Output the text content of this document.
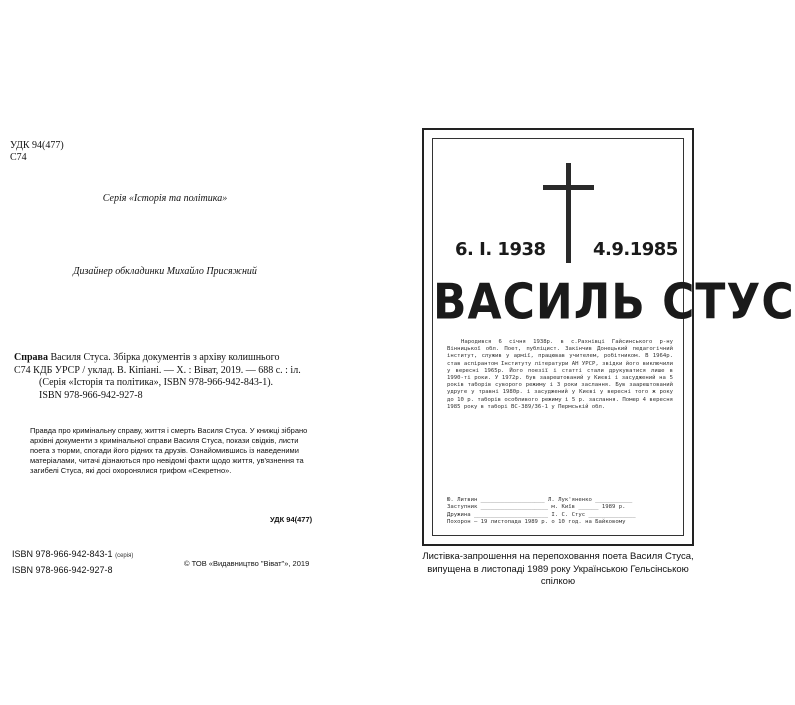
УДК 94(477)
С74
Серія «Історія та політика»
Дизайнер обкладинки Михайло Присяжний

Справа Василя Стуса. Збірка документів з архіву колишнього

С74 КДБ УРСР / уклад. В. Кіпіані. — Х. : Віват, 2019. — 688 с. : іл.

(Серія «Історія та політика», ISBN 978-966-942-843-1).

ISBN 978-966-942-927-8

Правда про кримінальну справу, життя і смерть Василя Стуса. У книжці зібрано архівні документи з кримінальної справи Василя Стуса, покази свідків, листи поета з тюрми, спогади його рідних та друзів. Ознайомившись із наведеними матеріалами, читачі дізнаються про невідомі факти щодо життя, ув'язнення та загибелі Стуса, які досі охоронялися грифом «Секретно».
УДК 94(477)
ISBN 978-966-942-843-1 (серія)
ISBN 978-966-942-927-8
© ТОВ «Видавництво "Віват"», 2019
6. I. 1938	4.9.1985
ВАСИЛЬ СТУС
Народився 6 січня 1938р. в с.Рахнівці Гайсинського р-ну Вінницької обл. Поет, публіцист. Закінчив Донецький педагогічний інститут, служив у армії, працював учителем, робітником. В 1964р. став аспірантом Інституту літератури АН УРСР, звідки його виключили у вересні 1965р. Його поезії і статті стали друкуватися лише в 1990-ті роки. У 1972р. був заарештований у Києві і засуджений на 5 років таборів суворого режиму і 3 роки заслання. Був заарештований удруге у травні 1980р. і засуджений у Києві у вересні того ж року до 10 р. таборів особливого режиму і 5 р. заслання. Помер 4 вересня 1985 року в таборі ВС-389/36-1 у Пермській обл.
Ю. Литвин ___________________ Л. Лук'яненко ___________
Заступник ____________________ м. Київ ______ 1989 р.
Дружина ______________________ І. С. Стус ______________
Похорон — 19 листопада 1989 р. о 10 год. на Байковому
Листівка-запрошення на перепоховання поета Василя Стуса,
випущена в листопаді 1989 року Українською Гельсінською спілкою
